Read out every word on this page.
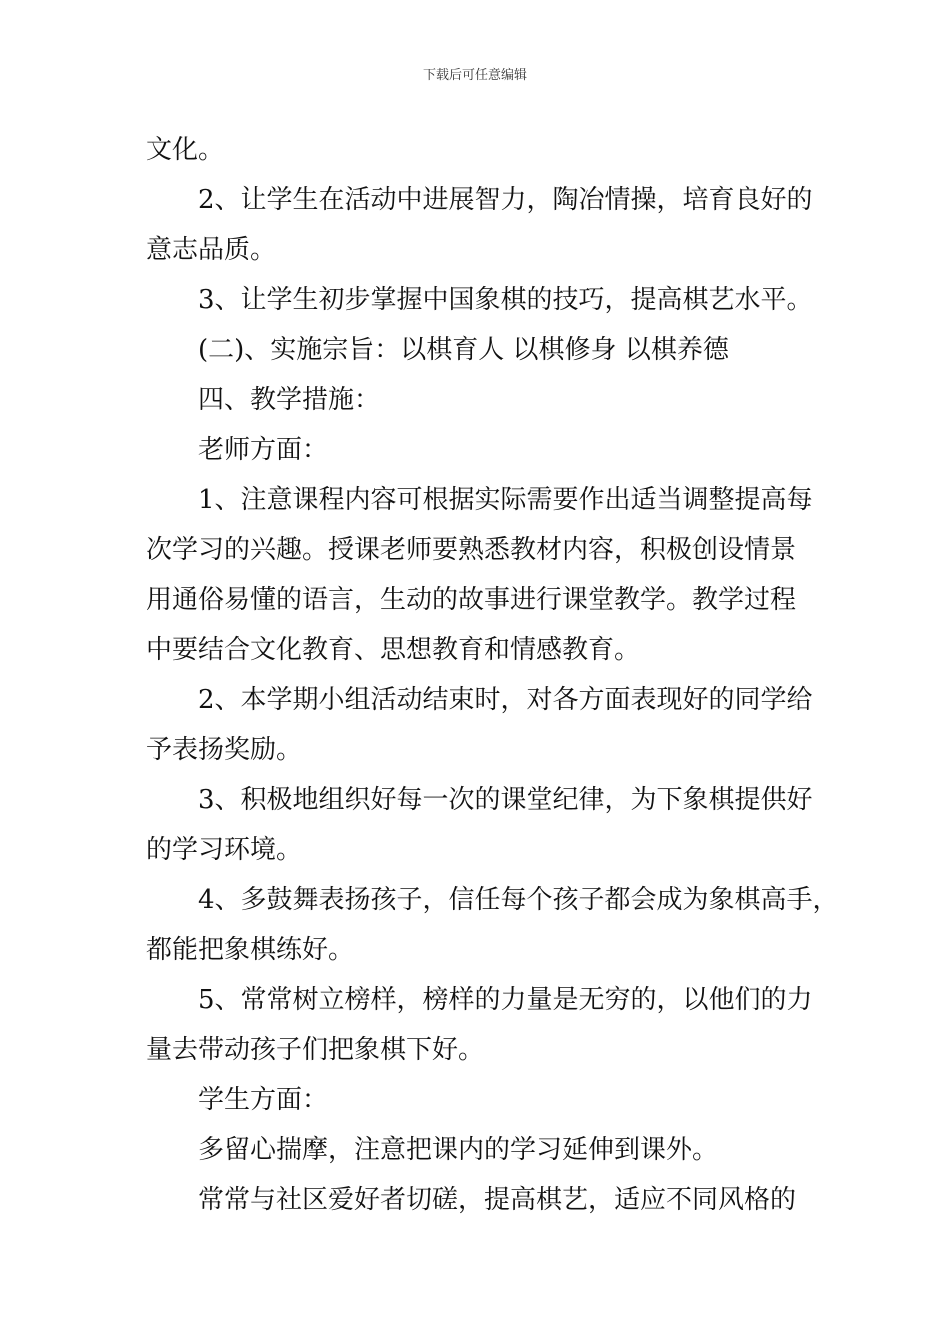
下载后可任意编辑

文化。

2、让学生在活动中进展智力，陶冶情操，培育良好的

意志品质。

3、让学生初步掌握中国象棋的技巧，提高棋艺水平。

(二)、实施宗旨：以棋育人 以棋修身 以棋养德

四、教学措施：

老师方面：

1、注意课程内容可根据实际需要作出适当调整提高每

次学习的兴趣。授课老师要熟悉教材内容，积极创设情景

用通俗易懂的语言，生动的故事进行课堂教学。教学过程

中要结合文化教育、思想教育和情感教育。

2、本学期小组活动结束时，对各方面表现好的同学给

予表扬奖励。

3、积极地组织好每一次的课堂纪律，为下象棋提供好

的学习环境。

4、多鼓舞表扬孩子，信任每个孩子都会成为象棋高手，

都能把象棋练好。

5、常常树立榜样，榜样的力量是无穷的，以他们的力

量去带动孩子们把象棋下好。

学生方面：

多留心揣摩，注意把课内的学习延伸到课外。

常常与社区爱好者切磋，提高棋艺，适应不同风格的
